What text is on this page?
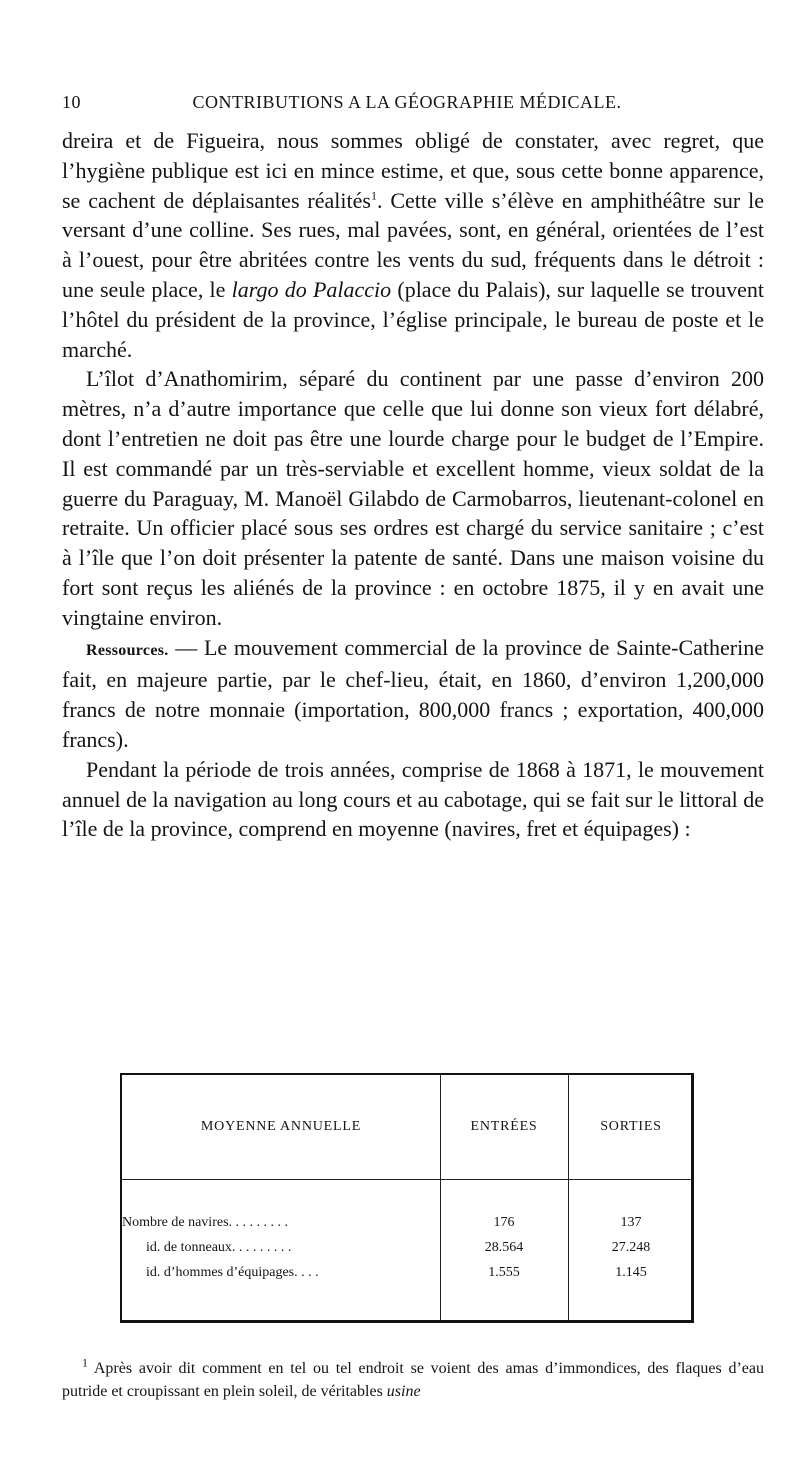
10	CONTRIBUTIONS A LA GÉOGRAPHIE MÉDICALE.

dreira et de Figueira, nous sommes obligé de constater, avec regret, que l’hygiène publique est ici en mince estime, et que, sous cette bonne apparence, se cachent de déplaisantes réalités$^1$. Cette ville s’élève en amphithéâtre sur le versant d’une colline. Ses rues, mal pavées, sont, en général, orientées de l’est à l’ouest, pour être abritées contre les vents du sud, fréquents dans le détroit : une seule place, le largo do Palaccio (place du Palais), sur laquelle se trouvent l’hôtel du président de la province, l’église principale, le bureau de poste et le marché.

L’îlot d’Anathomirim, séparé du continent par une passe d’environ 200 mètres, n’a d’autre importance que celle que lui donne son vieux fort délabré, dont l’entretien ne doit pas être une lourde charge pour le budget de l’Empire. Il est commandé par un très-serviable et excellent homme, vieux soldat de la guerre du Paraguay, M. Manoël Gilabdo de Carmobarros, lieutenant-colonel en retraite. Un officier placé sous ses ordres est chargé du service sanitaire ; c’est à l’île que l’on doit présenter la patente de santé. Dans une maison voisine du fort sont reçus les aliénés de la province : en octobre 1875, il y en avait une vingtaine environ.

Ressources. — Le mouvement commercial de la province de Sainte-Catherine fait, en majeure partie, par le chef-lieu, était, en 1860, d’environ 1,200,000 francs de notre monnaie (importation, 800,000 francs ; exportation, 400,000 francs).

Pendant la période de trois années, comprise de 1868 à 1871, le mouvement annuel de la navigation au long cours et au cabotage, qui se fait sur le littoral de l’île de la province, comprend en moyenne (navires, fret et équipages) :

MOYENNE ANNUELLE	ENTRÉES	SORTIES
Nombre de navires. . . . . . . . .	176	137
id. de tonneaux. . . . . . . . .	28.564	27.248
id. d’hommes d’équipages. . . .	1.555	1.145

$^1$ Après avoir dit comment en tel ou tel endroit se voient des amas d’immondices, des flaques d’eau putride et croupissant en plein soleil, de véritables usine
